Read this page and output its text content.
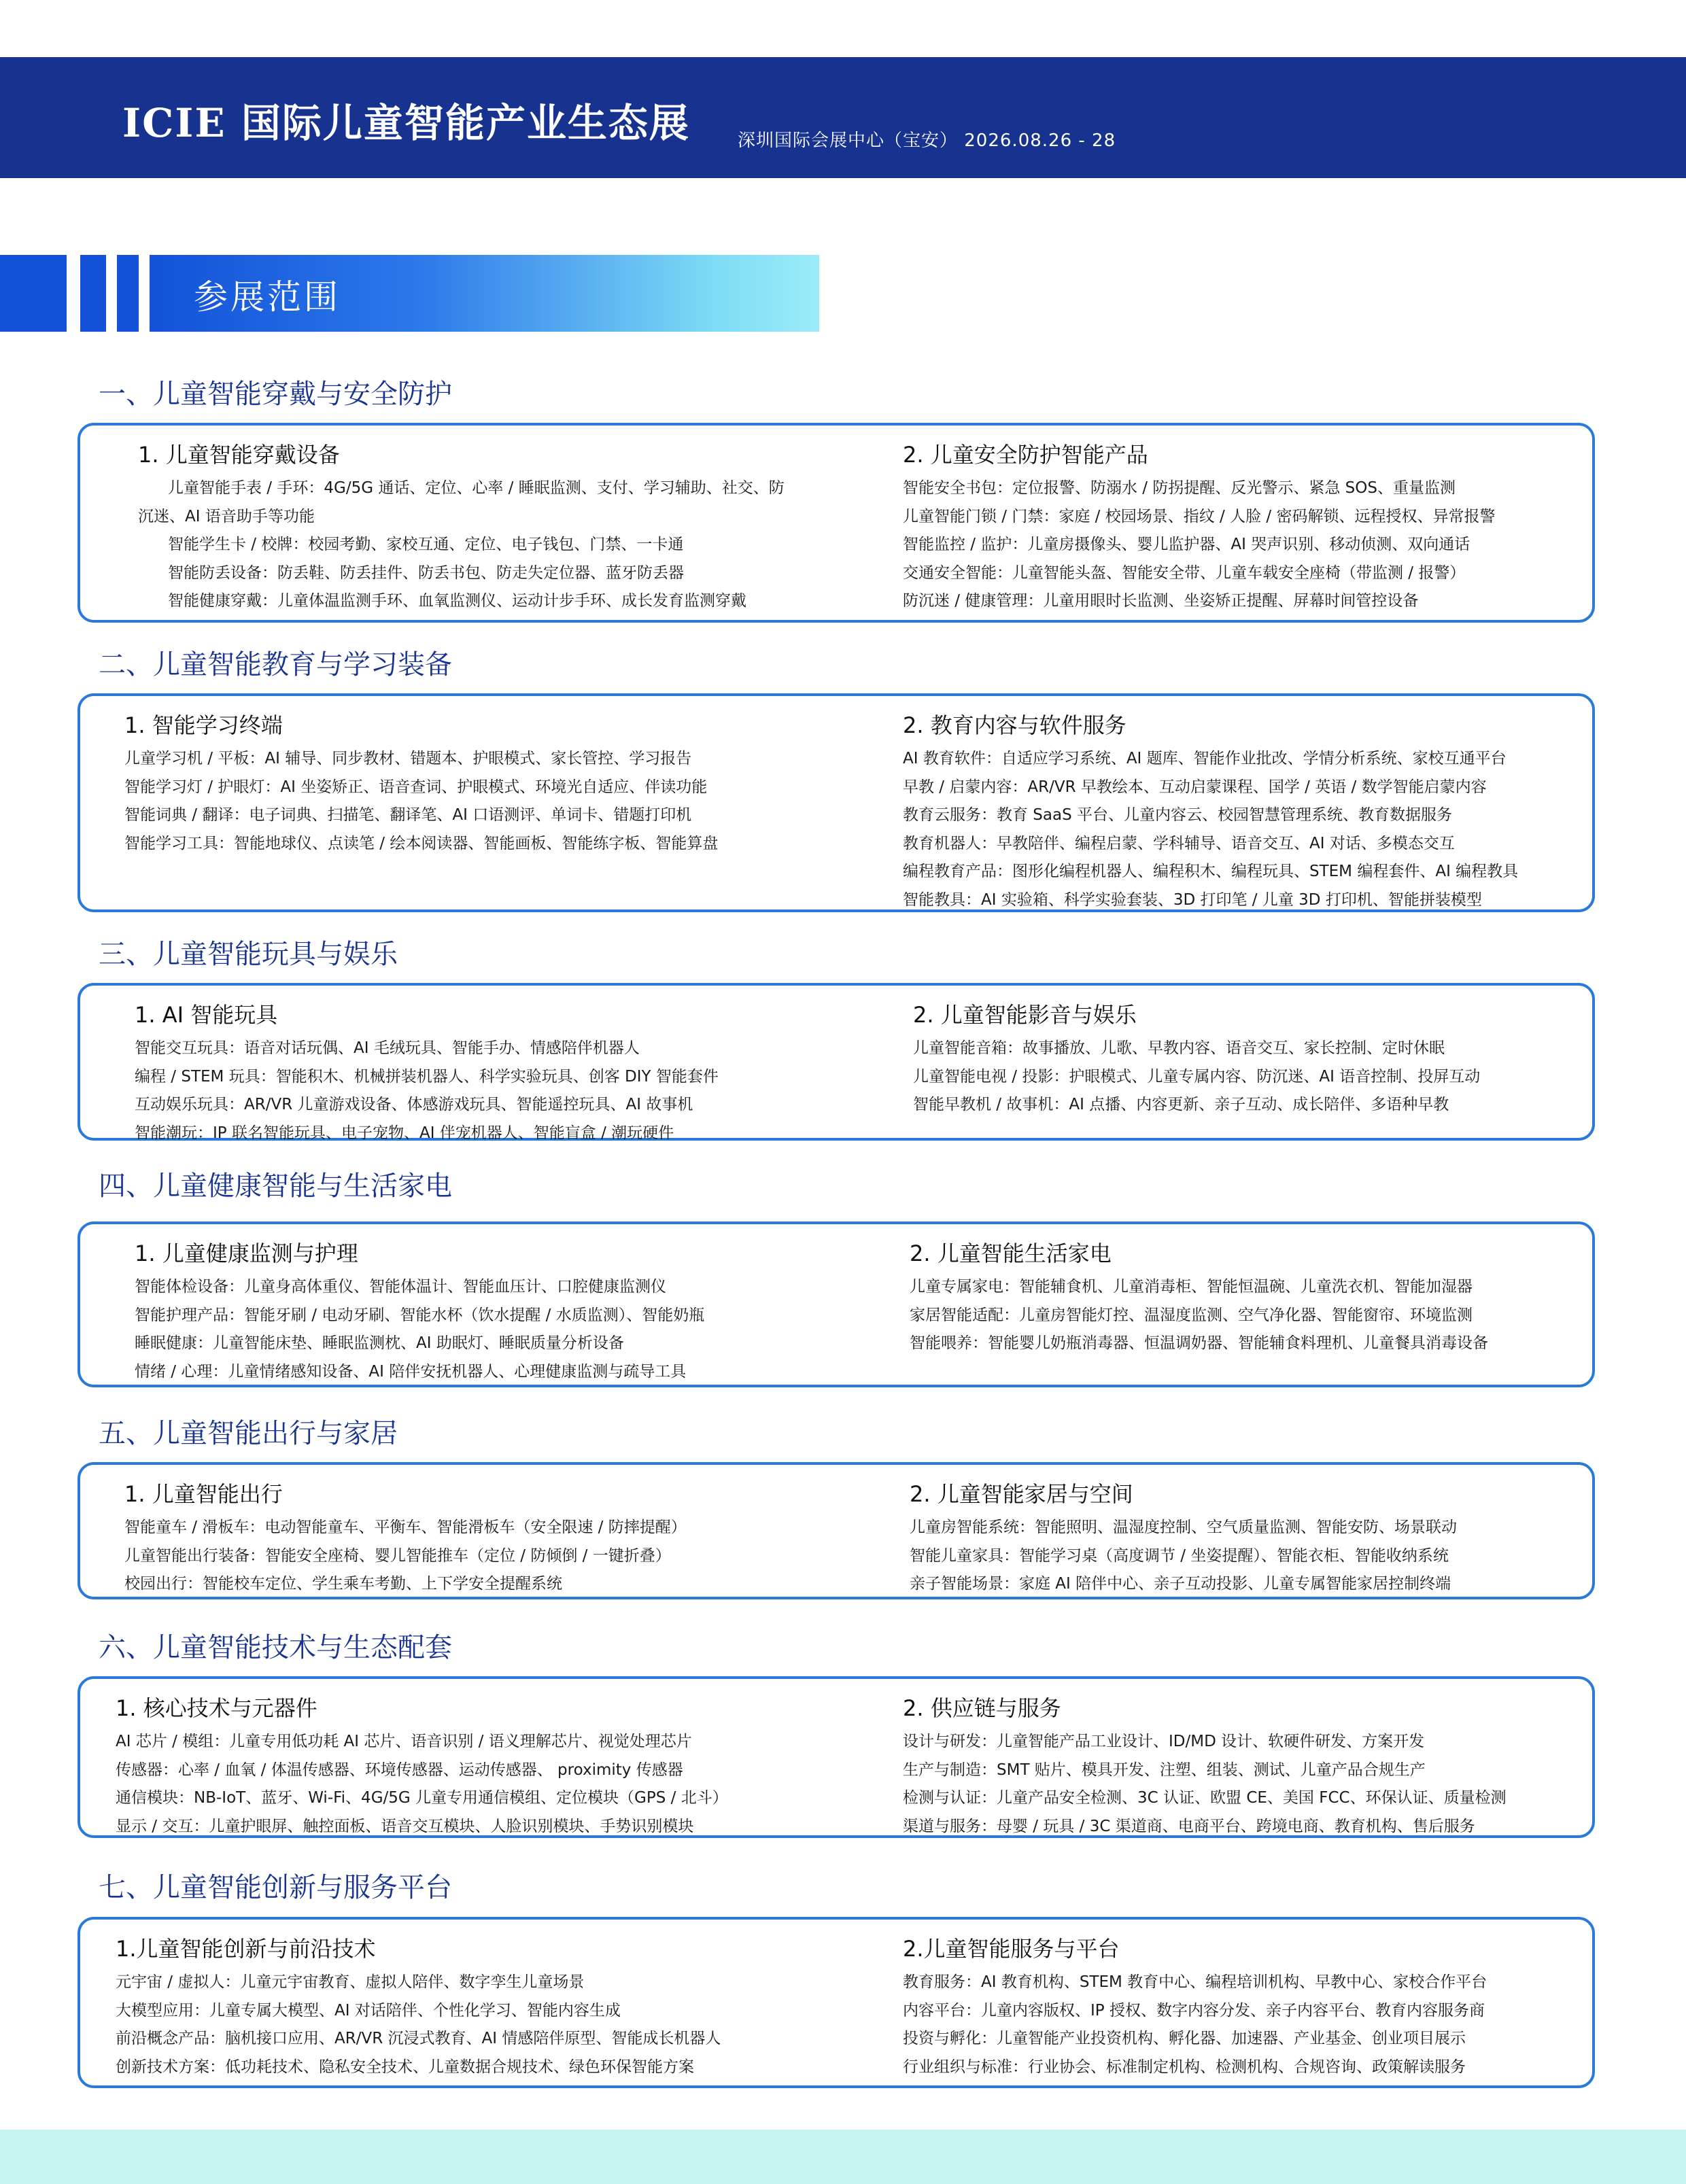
ICIE 国际儿童智能产业生态展	深圳国际会展中心（宝安） 2026.08.26 - 28
参展范围
一、儿童智能穿戴与安全防护
1. 儿童智能穿戴设备
儿童智能手表 / 手环：4G/5G 通话、定位、心率 / 睡眠监测、支付、学习辅助、社交、防
沉迷、AI 语音助手等功能
智能学生卡 / 校牌：校园考勤、家校互通、定位、电子钱包、门禁、一卡通
智能防丢设备：防丢鞋、防丢挂件、防丢书包、防走失定位器、蓝牙防丢器
智能健康穿戴：儿童体温监测手环、血氧监测仪、运动计步手环、成长发育监测穿戴
2. 儿童安全防护智能产品
智能安全书包：定位报警、防溺水 / 防拐提醒、反光警示、紧急 SOS、重量监测
儿童智能门锁 / 门禁：家庭 / 校园场景、指纹 / 人脸 / 密码解锁、远程授权、异常报警
智能监控 / 监护：儿童房摄像头、婴儿监护器、AI 哭声识别、移动侦测、双向通话
交通安全智能：儿童智能头盔、智能安全带、儿童车载安全座椅（带监测 / 报警）
防沉迷 / 健康管理：儿童用眼时长监测、坐姿矫正提醒、屏幕时间管控设备
二、儿童智能教育与学习装备
1. 智能学习终端
儿童学习机 / 平板：AI 辅导、同步教材、错题本、护眼模式、家长管控、学习报告
智能学习灯 / 护眼灯：AI 坐姿矫正、语音查词、护眼模式、环境光自适应、伴读功能
智能词典 / 翻译：电子词典、扫描笔、翻译笔、AI 口语测评、单词卡、错题打印机
智能学习工具：智能地球仪、点读笔 / 绘本阅读器、智能画板、智能练字板、智能算盘
2. 教育内容与软件服务
AI 教育软件：自适应学习系统、AI 题库、智能作业批改、学情分析系统、家校互通平台
早教 / 启蒙内容：AR/VR 早教绘本、互动启蒙课程、国学 / 英语 / 数学智能启蒙内容
教育云服务：教育 SaaS 平台、儿童内容云、校园智慧管理系统、教育数据服务
教育机器人：早教陪伴、编程启蒙、学科辅导、语音交互、AI 对话、多模态交互
编程教育产品：图形化编程机器人、编程积木、编程玩具、STEM 编程套件、AI 编程教具
智能教具：AI 实验箱、科学实验套装、3D 打印笔 / 儿童 3D 打印机、智能拼装模型
三、儿童智能玩具与娱乐
1. AI 智能玩具
智能交互玩具：语音对话玩偶、AI 毛绒玩具、智能手办、情感陪伴机器人
编程 / STEM 玩具：智能积木、机械拼装机器人、科学实验玩具、创客 DIY 智能套件
互动娱乐玩具：AR/VR 儿童游戏设备、体感游戏玩具、智能遥控玩具、AI 故事机
智能潮玩：IP 联名智能玩具、电子宠物、AI 伴宠机器人、智能盲盒 / 潮玩硬件
2. 儿童智能影音与娱乐
儿童智能音箱：故事播放、儿歌、早教内容、语音交互、家长控制、定时休眠
儿童智能电视 / 投影：护眼模式、儿童专属内容、防沉迷、AI 语音控制、投屏互动
智能早教机 / 故事机：AI 点播、内容更新、亲子互动、成长陪伴、多语种早教
四、儿童健康智能与生活家电
1. 儿童健康监测与护理
智能体检设备：儿童身高体重仪、智能体温计、智能血压计、口腔健康监测仪
智能护理产品：智能牙刷 / 电动牙刷、智能水杯（饮水提醒 / 水质监测）、智能奶瓶
睡眠健康：儿童智能床垫、睡眠监测枕、AI 助眠灯、睡眠质量分析设备
情绪 / 心理：儿童情绪感知设备、AI 陪伴安抚机器人、心理健康监测与疏导工具
2. 儿童智能生活家电
儿童专属家电：智能辅食机、儿童消毒柜、智能恒温碗、儿童洗衣机、智能加湿器
家居智能适配：儿童房智能灯控、温湿度监测、空气净化器、智能窗帘、环境监测
智能喂养：智能婴儿奶瓶消毒器、恒温调奶器、智能辅食料理机、儿童餐具消毒设备
五、儿童智能出行与家居
1. 儿童智能出行
智能童车 / 滑板车：电动智能童车、平衡车、智能滑板车（安全限速 / 防摔提醒）
儿童智能出行装备：智能安全座椅、婴儿智能推车（定位 / 防倾倒 / 一键折叠）
校园出行：智能校车定位、学生乘车考勤、上下学安全提醒系统
2. 儿童智能家居与空间
儿童房智能系统：智能照明、温湿度控制、空气质量监测、智能安防、场景联动
智能儿童家具：智能学习桌（高度调节 / 坐姿提醒）、智能衣柜、智能收纳系统
亲子智能场景：家庭 AI 陪伴中心、亲子互动投影、儿童专属智能家居控制终端
六、儿童智能技术与生态配套
1. 核心技术与元器件
AI 芯片 / 模组：儿童专用低功耗 AI 芯片、语音识别 / 语义理解芯片、视觉处理芯片
传感器：心率 / 血氧 / 体温传感器、环境传感器、运动传感器、 proximity 传感器
通信模块：NB-IoT、蓝牙、Wi-Fi、4G/5G 儿童专用通信模组、定位模块（GPS / 北斗）
显示 / 交互：儿童护眼屏、触控面板、语音交互模块、人脸识别模块、手势识别模块
2. 供应链与服务
设计与研发：儿童智能产品工业设计、ID/MD 设计、软硬件研发、方案开发
生产与制造：SMT 贴片、模具开发、注塑、组装、测试、儿童产品合规生产
检测与认证：儿童产品安全检测、3C 认证、欧盟 CE、美国 FCC、环保认证、质量检测
渠道与服务：母婴 / 玩具 / 3C 渠道商、电商平台、跨境电商、教育机构、售后服务
七、儿童智能创新与服务平台
1.儿童智能创新与前沿技术
元宇宙 / 虚拟人：儿童元宇宙教育、虚拟人陪伴、数字孪生儿童场景
大模型应用：儿童专属大模型、AI 对话陪伴、个性化学习、智能内容生成
前沿概念产品：脑机接口应用、AR/VR 沉浸式教育、AI 情感陪伴原型、智能成长机器人
创新技术方案：低功耗技术、隐私安全技术、儿童数据合规技术、绿色环保智能方案
2.儿童智能服务与平台
教育服务：AI 教育机构、STEM 教育中心、编程培训机构、早教中心、家校合作平台
内容平台：儿童内容版权、IP 授权、数字内容分发、亲子内容平台、教育内容服务商
投资与孵化：儿童智能产业投资机构、孵化器、加速器、产业基金、创业项目展示
行业组织与标准：行业协会、标准制定机构、检测机构、合规咨询、政策解读服务
